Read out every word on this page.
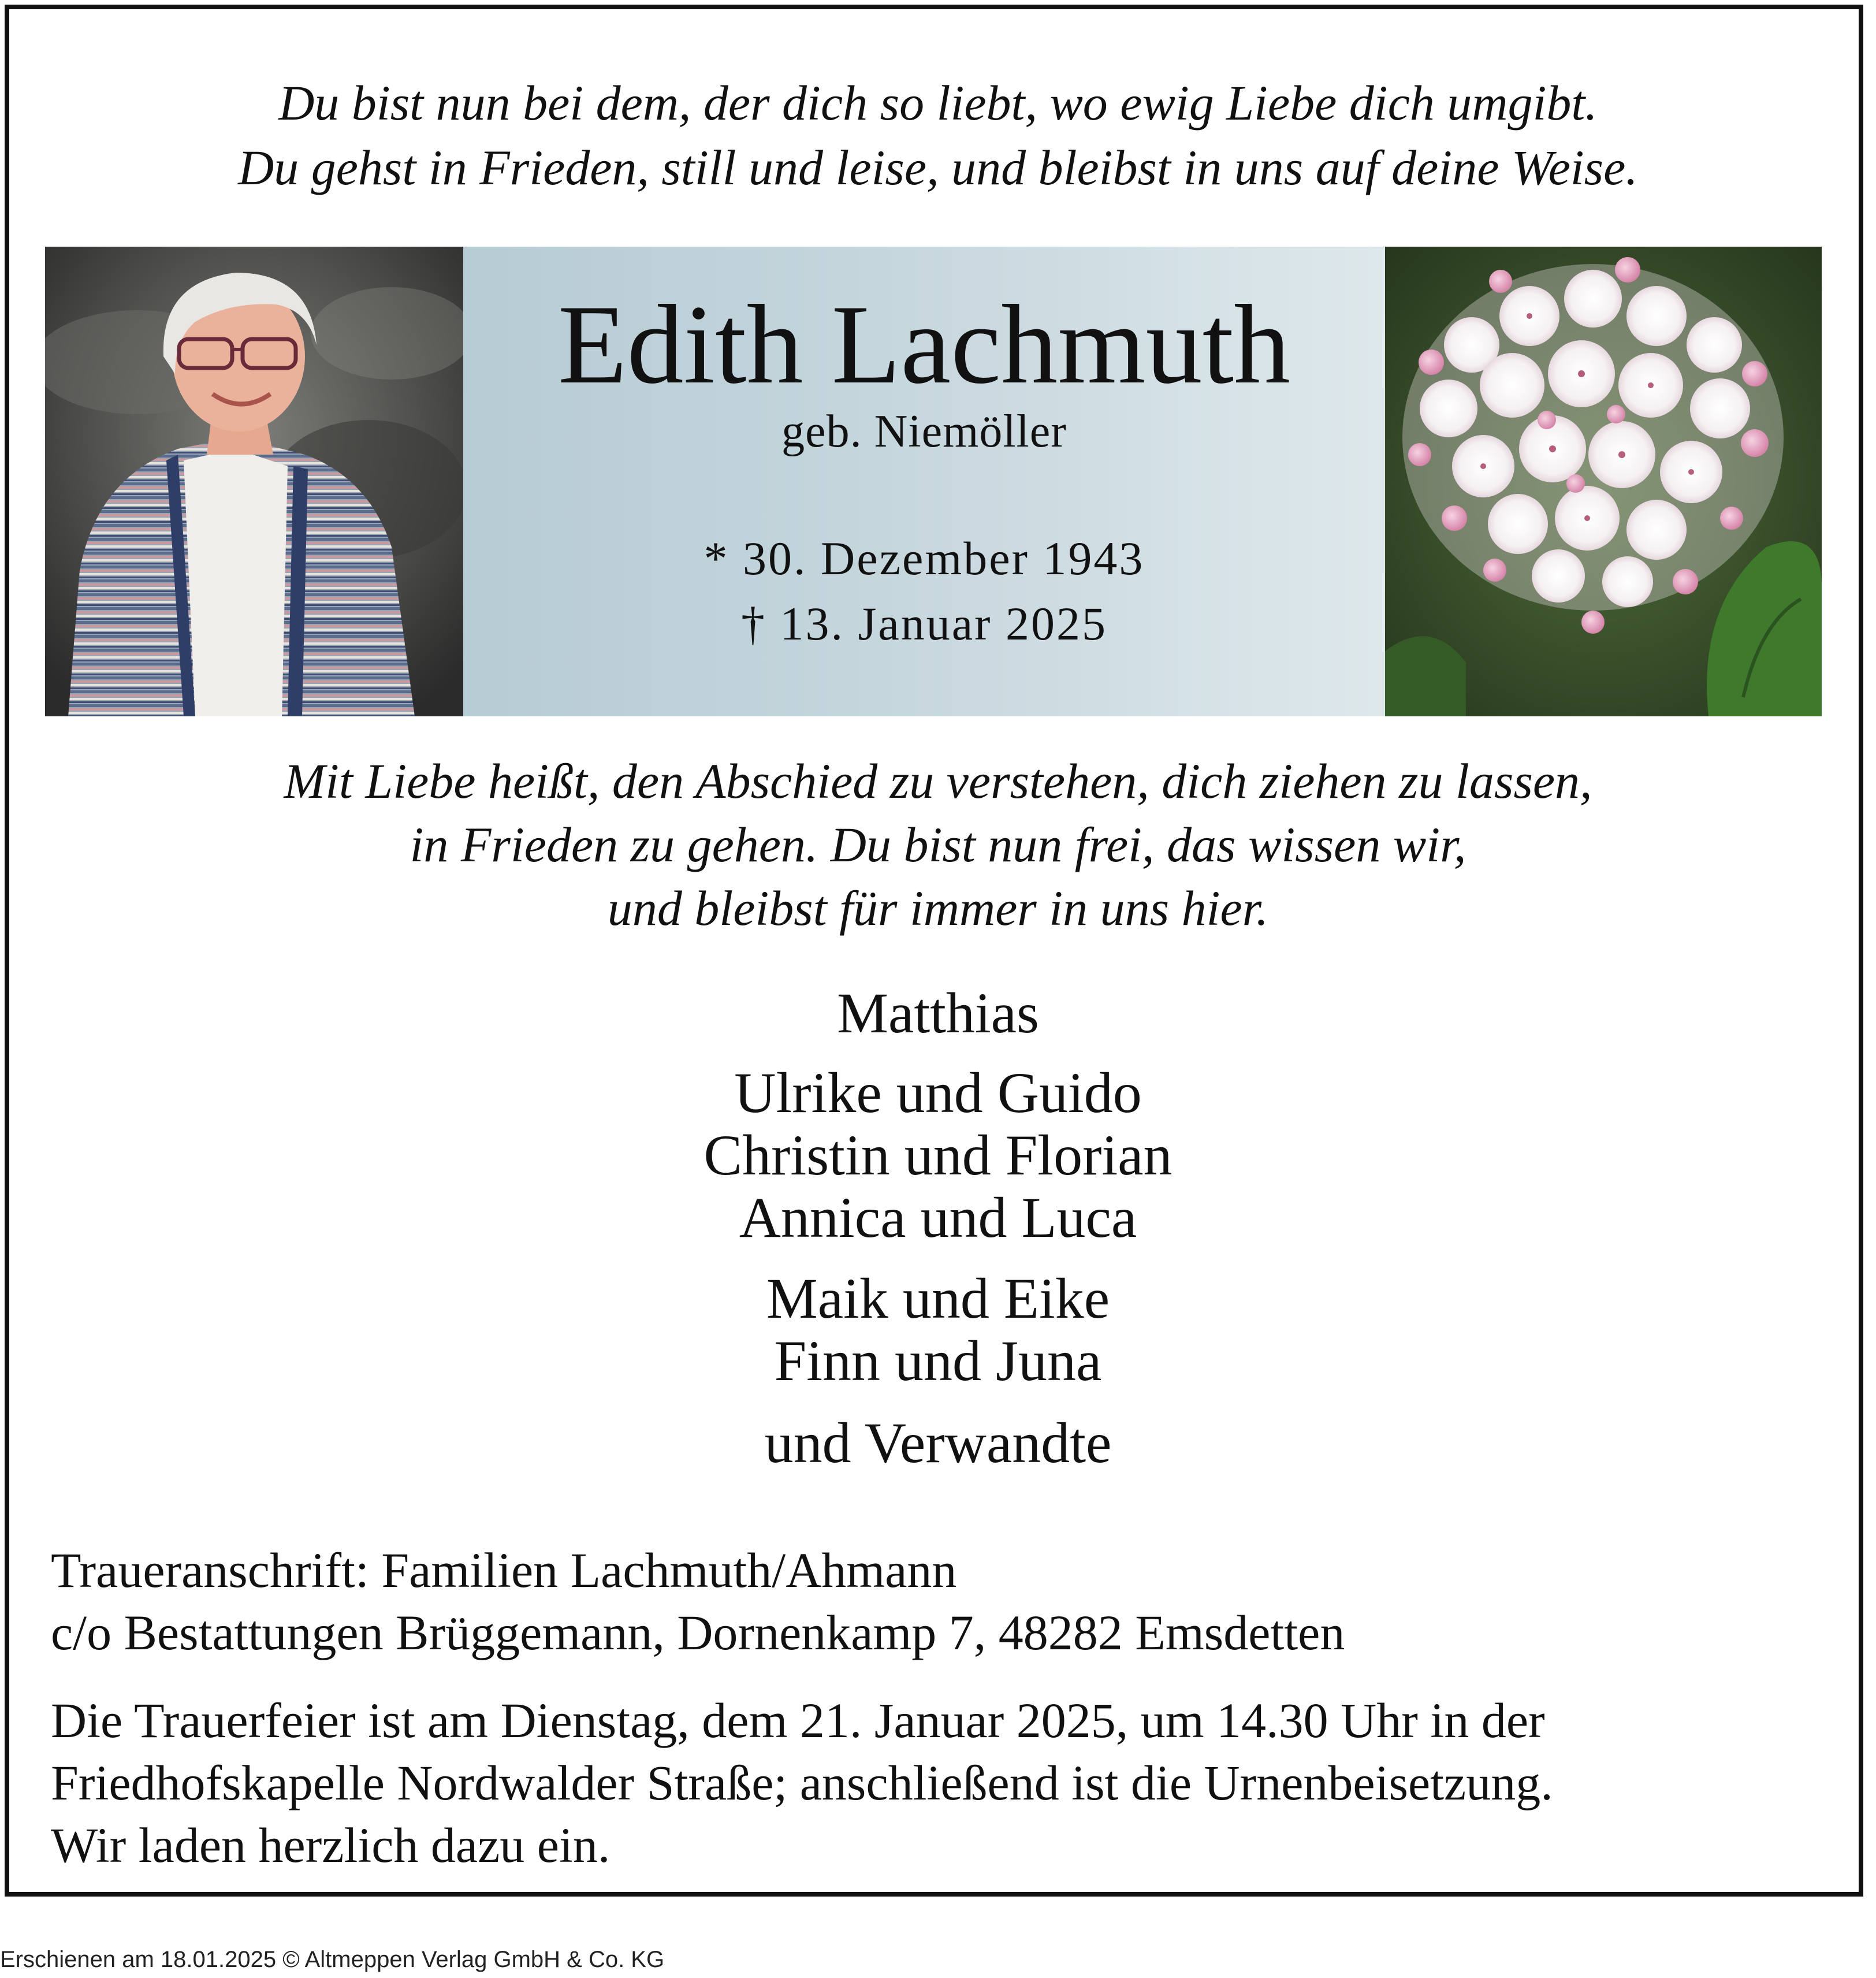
Du bist nun bei dem, der dich so liebt, wo ewig Liebe dich umgibt.
Du gehst in Frieden, still und leise, und bleibst in uns auf deine Weise.
Edith Lachmuth
geb. Niemöller
* 30. Dezember 1943
† 13. Januar 2025
Mit Liebe heißt, den Abschied zu verstehen, dich ziehen zu lassen,
in Frieden zu gehen. Du bist nun frei, das wissen wir,
und bleibst für immer in uns hier.
Matthias
Ulrike und Guido
Christin und Florian
Annica und Luca
Maik und Eike
Finn und Juna
und Verwandte
Traueranschrift: Familien Lachmuth/Ahmann
c/o Bestattungen Brüggemann, Dornenkamp 7, 48282 Emsdetten
Die Trauerfeier ist am Dienstag, dem 21. Januar 2025, um 14.30 Uhr in der
Friedhofskapelle Nordwalder Straße; anschließend ist die Urnenbeisetzung.
Wir laden herzlich dazu ein.
Erschienen am 18.01.2025 © Altmeppen Verlag GmbH & Co. KG
